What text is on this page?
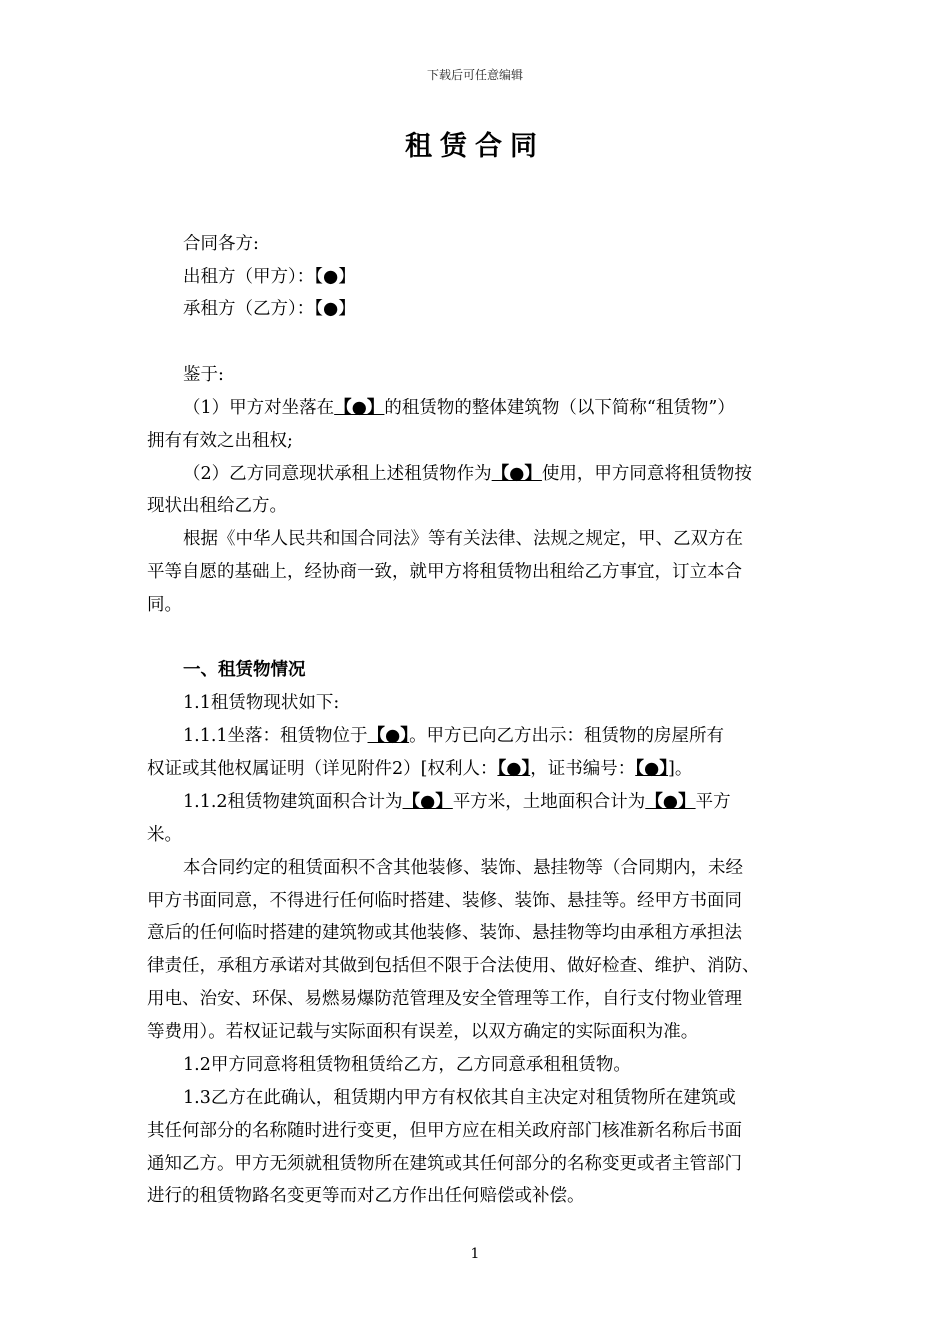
下载后可任意编辑
租赁合同
合同各方:
出租方（甲方）：【●】
承租方（乙方）：【●】
鉴于:
（1）甲方对坐落在【●】的租赁物的整体建筑物（以下简称“租赁物”）
拥有有效之出租权;
（2）乙方同意现状承租上述租赁物作为【●】使用，甲方同意将租赁物按
现状出租给乙方。
根据《中华人民共和国合同法》等有关法律、法规之规定，甲、乙双方在
平等自愿的基础上，经协商一致，就甲方将租赁物出租给乙方事宜，订立本合
同。
一、租赁物情况
1.1租赁物现状如下:
1.1.1坐落：租赁物位于【●】。甲方已向乙方出示：租赁物的房屋所有
权证或其他权属证明（详见附件2）[权利人：【●】，证书编号：【●】]。
1.1.2租赁物建筑面积合计为【●】平方米，土地面积合计为【●】平方
米。
本合同约定的租赁面积不含其他装修、装饰、悬挂物等（合同期内，未经
甲方书面同意，不得进行任何临时搭建、装修、装饰、悬挂等。经甲方书面同
意后的任何临时搭建的建筑物或其他装修、装饰、悬挂物等均由承租方承担法
律责任，承租方承诺对其做到包括但不限于合法使用、做好检查、维护、消防、
用电、治安、环保、易燃易爆防范管理及安全管理等工作，自行支付物业管理
等费用）。若权证记载与实际面积有误差，以双方确定的实际面积为准。
1.2甲方同意将租赁物租赁给乙方，乙方同意承租租赁物。
1.3乙方在此确认，租赁期内甲方有权依其自主决定对租赁物所在建筑或
其任何部分的名称随时进行变更，但甲方应在相关政府部门核准新名称后书面
通知乙方。甲方无须就租赁物所在建筑或其任何部分的名称变更或者主管部门
进行的租赁物路名变更等而对乙方作出任何赔偿或补偿。
1
